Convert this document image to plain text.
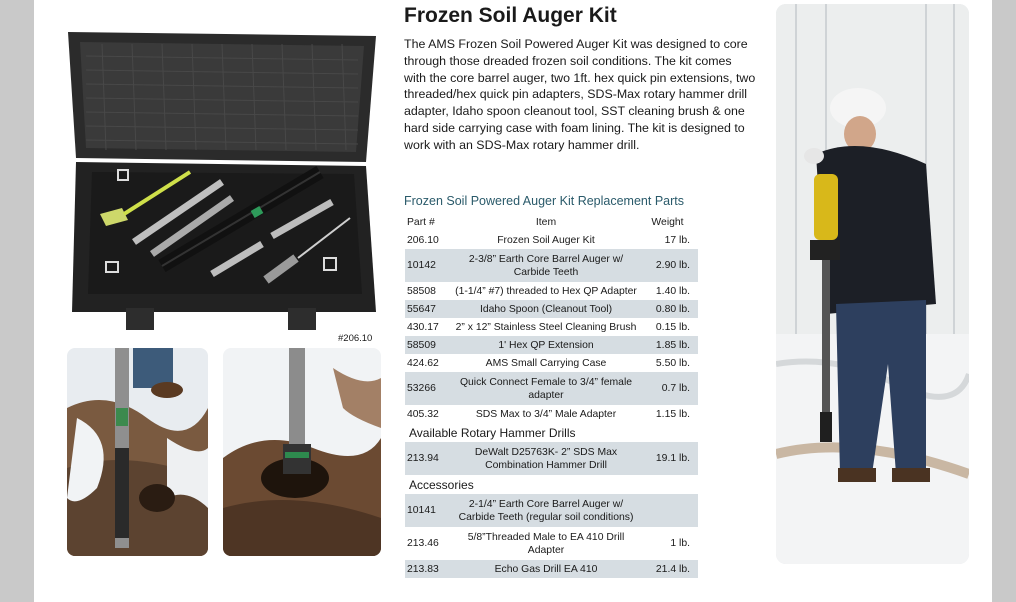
#206.10
Frozen Soil Auger Kit
The AMS Frozen Soil Powered Auger Kit was designed to core through those dreaded frozen soil conditions. The kit comes with the core barrel auger, two 1ft. hex quick pin extensions, two threaded/hex quick pin adapters, SDS-Max rotary hammer drill adapter, Idaho spoon cleanout tool, SST cleaning brush & one hard side carrying case with foam lining. The kit is designed to work with an SDS-Max rotary hammer drill.
Frozen Soil Powered Auger Kit Replacement Parts
Part #	Item	Weight
206.10	Frozen Soil Auger Kit	17 lb.
10142	2-3/8” Earth Core Barrel Auger w/ Carbide Teeth	2.90 lb.
58508	(1-1/4” #7) threaded to Hex QP Adapter	1.40 lb.
55647	Idaho Spoon (Cleanout Tool)	0.80 lb.
430.17	2” x 12” Stainless Steel Cleaning Brush	0.15 lb.
58509	1' Hex QP Extension	1.85 lb.
424.62	AMS Small Carrying Case	5.50 lb.
53266	Quick Connect Female to 3/4” female adapter	0.7 lb.
405.32	SDS Max to 3/4” Male Adapter	1.15 lb.
Available Rotary Hammer Drills		
213.94	DeWalt D25763K- 2” SDS Max Combination Hammer Drill	19.1 lb.
Accessories		
10141	2-1/4” Earth Core Barrel Auger w/ Carbide Teeth (regular soil conditions)	
213.46	5/8”Threaded Male to EA 410 Drill Adapter	1 lb.
213.83	Echo Gas Drill EA 410	21.4 lb.
